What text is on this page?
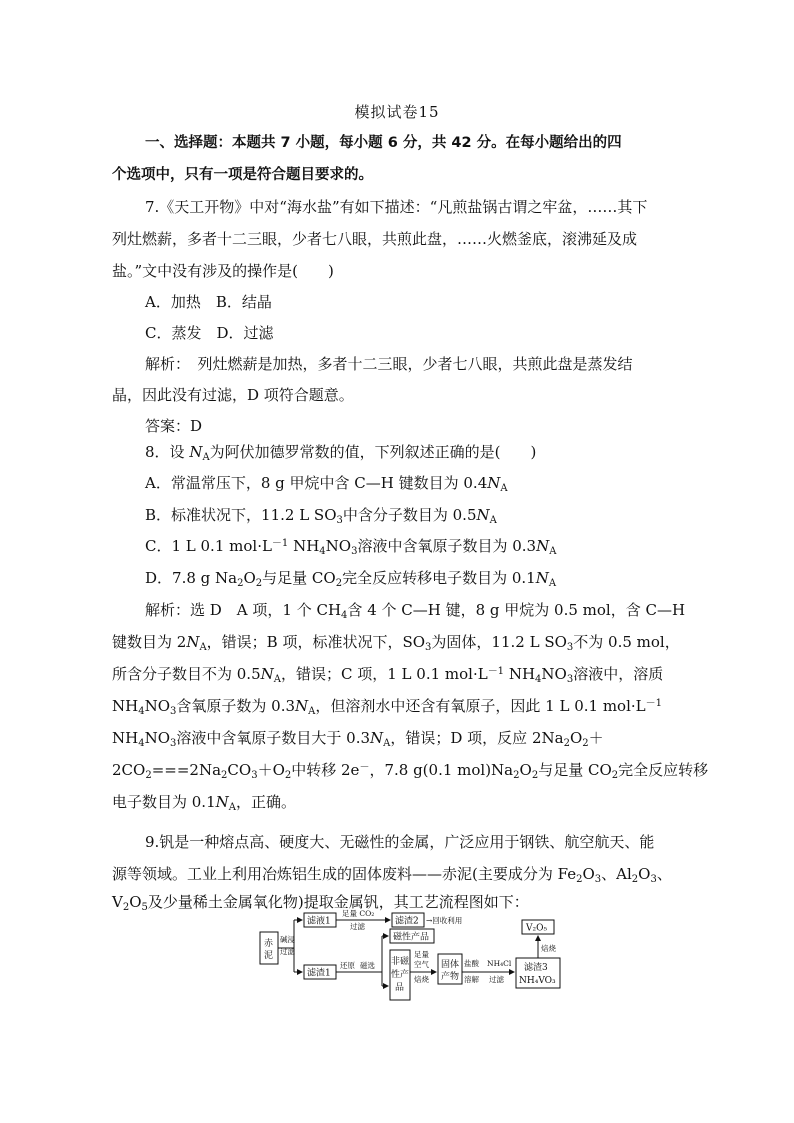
模拟试卷15
一、选择题：本题共 7 小题，每小题 6 分，共 42 分。在每小题给出的四
个选项中，只有一项是符合题目要求的。
7.《天工开物》中对“海水盐”有如下描述：“凡煎盐锅古谓之牢盆，……其下
列灶燃薪，多者十二三眼，少者七八眼，共煎此盘，……火燃釜底，滚沸延及成
盐。”文中没有涉及的操作是(　　)
A．加热　B．结晶
C．蒸发　D．过滤
解析：　列灶燃薪是加热，多者十二三眼，少者七八眼，共煎此盘是蒸发结
晶，因此没有过滤，D 项符合题意。
答案：D
8．设 $N_A$为阿伏加德罗常数的值，下列叙述正确的是(　　)
A．常温常压下，8 g 甲烷中含 C—H 键数目为 $0.4N_A$
B．标准状况下，11.2 L $SO_3$中含分子数目为 $0.5N_A$
C．1 L 0.1 $mol\cdot L^{-1}$ $NH_4NO_3$溶液中含氧原子数目为 $0.3N_A$
D．7.8 g $Na_2O_2$与足量 $CO_2$完全反应转移电子数目为 $0.1N_A$
解析：选 D　A 项，1 个 $CH_4$含 4 个 C—H 键，8 g 甲烷为 0.5 mol，含 C—H
键数目为 $2N_A$，错误；B 项，标准状况下，$SO_3$为固体，11.2 L $SO_3$不为 0.5 mol，
所含分子数目不为 $0.5N_A$，错误；C 项，1 L 0.1 $mol\cdot L^{-1}$ $NH_4NO_3$溶液中，溶质
$NH_4NO_3$含氧原子数为 $0.3N_A$，但溶剂水中还含有氧原子，因此 1 L 0.1 $mol\cdot L^{-1}$
$NH_4NO_3$溶液中含氧原子数目大于 $0.3N_A$，错误；D 项，反应 $2Na_2O_2+$
$2CO_2===2Na_2CO_3+O_2$中转移 2e－，7.8 g(0.1 $mol)Na_2O_2$与足量 $CO_2$完全反应转移
电子数目为 $0.1N_A$，正确。
9.钒是一种熔点高、硬度大、无磁性的金属，广泛应用于钢铁、航空航天、能
源等领域。工业上利用冶炼铝生成的固体废料——赤泥(主要成分为 $Fe_2O_3$、$Al_2O_3$、
$V_2O_5$及少量稀土金属氧化物)提取金属钒，其工艺流程图如下：
赤
泥
碱浸
过滤
滤液1
足量 CO₂
过滤	滤渣2 →回收利用
滤渣1
还原 磁选
磁性产品
非磁
性产
品
足量
空气
焙烧
固体
产物
盐酸
溶解
NH₄Cl
过滤
滤渣3
NH₄VO₃
焙烧
V₂O₅
